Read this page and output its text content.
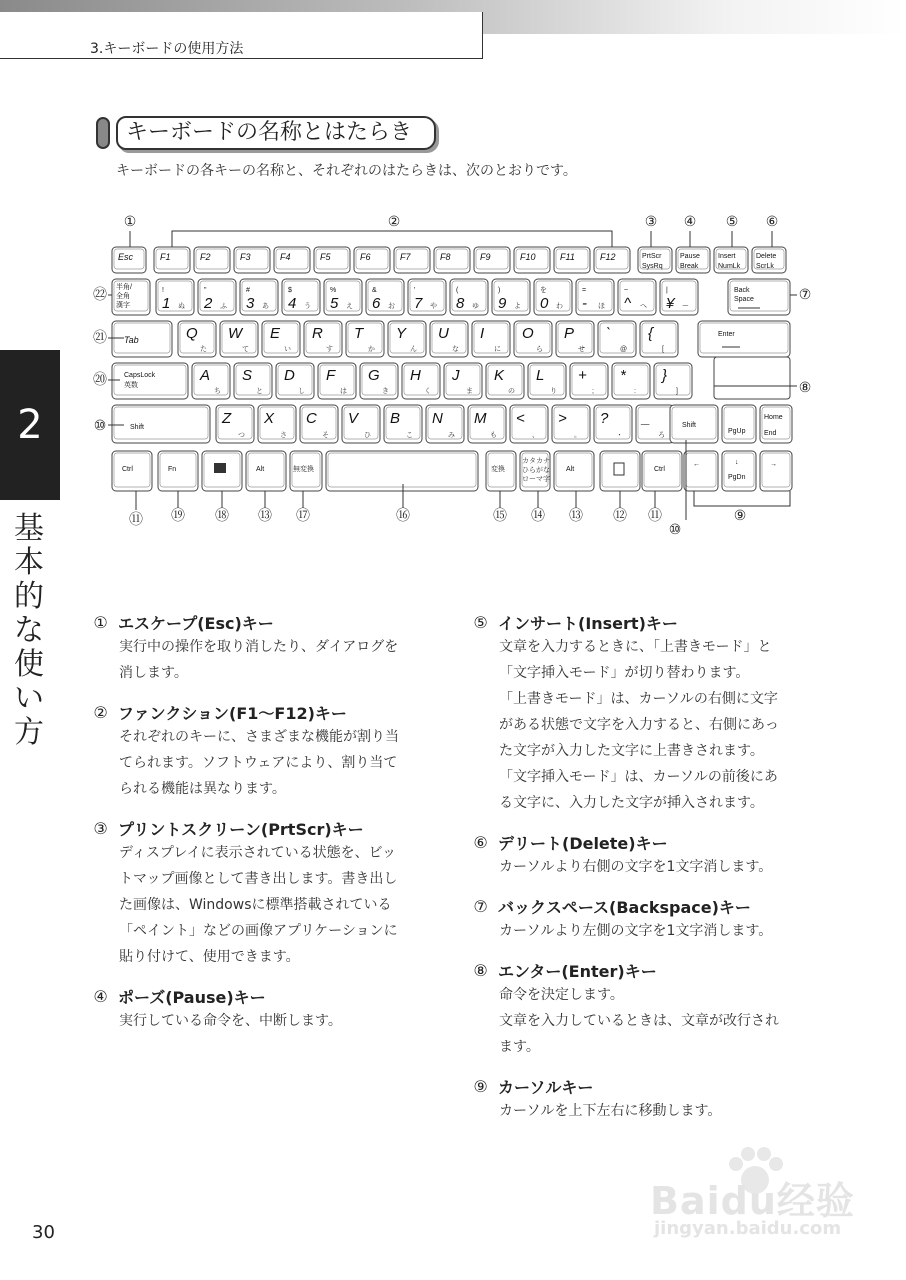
3.キーボードの使用方法
キーボードの名称とはたらき
キーボードの各キーの名称と、それぞれのはたらきは、次のとおりです。
2
基
本
的
な
使
い
方
Esc	F1	F2	F3	F4	F5	F6	F7	F8	F9	F10	F11	F12	PrtScr
SysRq
Pause
Break
Insert
NumLk
Delete
ScrLk
半角/
全角
漢字
!
1 ぬ
"
2 ふ
#
3 あ
$
4 う
%
5 え
&
6 お
'
7 や
(
8 ゆ
)
9 よ
を
0 わ
=
- ほ
~
^ へ
|
¥ ー
Back
Space
Tab	Q
た
W
て
E
い
R
す
T
か
Y
ん
U
な
I
に
O
ら
P
せ
`
@
{
[
Enter
CapsLock
英数
A
ち
S
と
D
し
F
は
G
き
H
く
J
ま
K
の
L
り
+
;
*
:
}
]
Shift
Z
つ
X
さ
C
そ
V
ひ
B
こ
N
み
M
も
<
、
>
。
?
・
_
ろ
Shift
PgUp
Home
End
Ctrl	Fn	Alt	無変換	変換
カタカナ
ひらがな
ローマ字
Alt	Ctrl
←	↓
PgDn
→
①	②	③ ④ ⑤ ⑥
㉒	⑦
㉑
⑧
⑳
⑩
⑪ ⑲ ⑱ ⑬ ⑰	⑯	⑮ ⑭ ⑬ ⑫ ⑪
⑩
⑨
① エスケープ(Esc)キー
実行中の操作を取り消したり、ダイアログを
消します。
② ファンクション(F1～F12)キー
それぞれのキーに、さまざまな機能が割り当
てられます。ソフトウェアにより、割り当て
られる機能は異なります。
③ プリントスクリーン(PrtScr)キー
ディスプレイに表示されている状態を、ビッ
トマップ画像として書き出します。書き出し
た画像は、Windowsに標準搭載されている
「ペイント」などの画像アプリケーションに
貼り付けて、使用できます。
④ ポーズ(Pause)キー
実行している命令を、中断します。
⑤ インサート(Insert)キー
文章を入力するときに、「上書きモード」と
「文字挿入モード」が切り替わります。
「上書きモード」は、カーソルの右側に文字
がある状態で文字を入力すると、右側にあっ
た文字が入力した文字に上書きされます。
「文字挿入モード」は、カーソルの前後にあ
る文字に、入力した文字が挿入されます。
⑥ デリート(Delete)キー
カーソルより右側の文字を1文字消します。
⑦ バックスペース(Backspace)キー
カーソルより左側の文字を1文字消します。
⑧ エンター(Enter)キー
命令を決定します。
文章を入力しているときは、文章が改行され
ます。
⑨ カーソルキー
カーソルを上下左右に移動します。
30
Baidu经验
jingyan.baidu.com
